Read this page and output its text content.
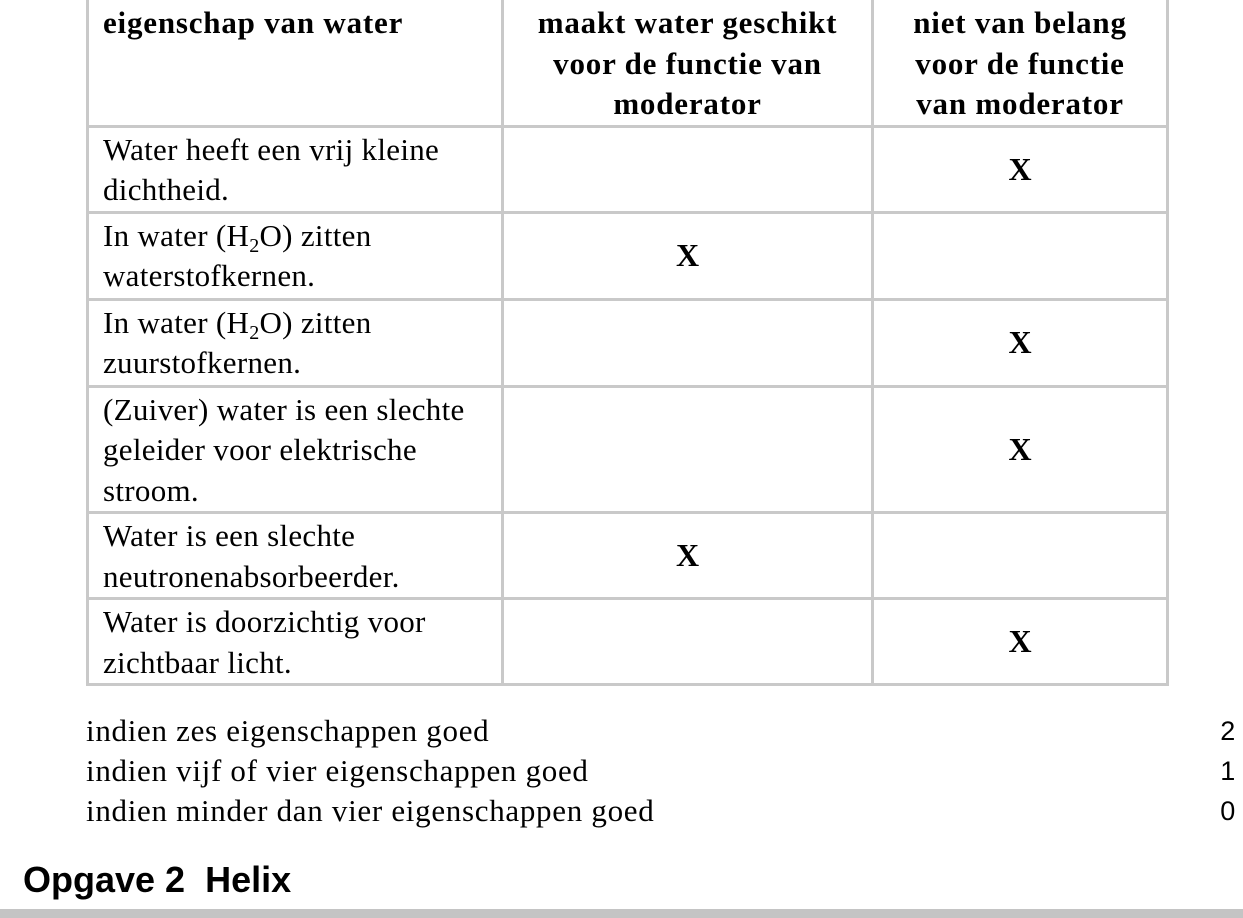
eigenschap van water	maakt water geschikt voor de functie van moderator	niet van belang voor de functie van moderator
Water heeft een vrij kleine dichtheid.		X
In water $(H_2O)$ zitten waterstofkernen.	X	
In water $(H_2O)$ zitten zuurstofkernen.		X
(Zuiver) water is een slechte geleider voor elektrische stroom.		X
Water is een slechte neutronenabsorbeerder.	X	
Water is doorzichtig voor zichtbaar licht.		X
indien zes eigenschappen goed	2
indien vijf of vier eigenschappen goed	1
indien minder dan vier eigenschappen goed	0
Opgave 2  Helix
